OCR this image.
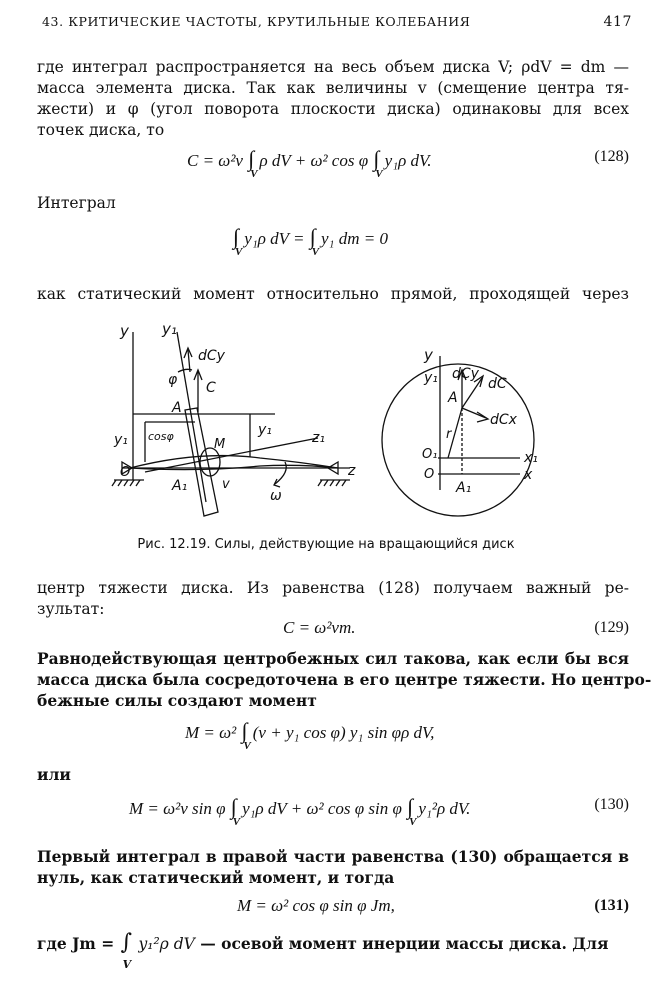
43. КРИТИЧЕСКИЕ ЧАСТОТЫ, КРУТИЛЬНЫЕ КОЛЕБАНИЯ	417
где интеграл распространяется на весь объем диска V; ρdV = dm —
масса элемента диска. Так как величины v (смещение центра тя-
жести) и φ (угол поворота плоскости диска) одинаковы для всех
точек диска, то
C = ω²v ∫
V
ρ dV + ω² cos φ ∫
V
y₁ρ dV.	(128)
Интеграл
∫
V
y₁ρ dV = ∫
V
y₁ dm = 0
как статический момент относительно прямой, проходящей через
y y₁
dCy
φ C
A
y₁ cosφ
M
y₁	z₁
O
A₁	v
ω
z
y
y₁ dCy
dC
A
dCx
r
O₁	x₁
O
A₁
x
Рис. 12.19. Силы, действующие на вращающийся диск
центр тяжести диска. Из равенства (128) получаем важный ре-
зультат:
C = ω²vm.	(129)
Равнодействующая центробежных сил такова, как если бы вся
масса диска была сосредоточена в его центре тяжести. Но центро-
бежные силы создают момент
M = ω² ∫
V
(v + y₁ cos φ) y₁ sin φρ dV,
или
M = ω²v sin φ ∫
V
y₁ρ dV + ω² cos φ sin φ ∫
V
y₁²ρ dV.	(130)
Первый интеграл в правой части равенства (130) обращается в
нуль, как статический момент, и тогда
M = ω² cos φ sin φ Jm,	(131)
где Jm = ∫
V
y₁²ρ dV — осевой момент инерции массы диска. Для
